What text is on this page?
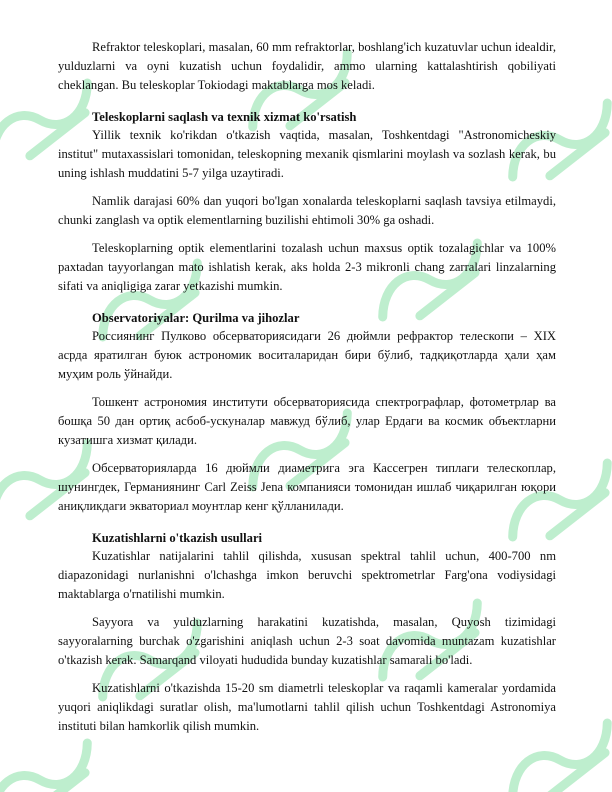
Refraktor teleskoplari, masalan, 60 mm refraktorlar, boshlang'ich kuzatuvlar uchun idealdir, yulduzlarni va oyni kuzatish uchun foydalidir, ammo ularning kattalashtirish qobiliyati cheklangan. Bu teleskoplar Tokiodagi maktablarga mos keladi.

Teleskoplarni saqlash va texnik xizmat ko'rsatish

Yillik texnik ko'rikdan o'tkazish vaqtida, masalan, Toshkentdagi "Astronomicheskiy institut" mutaxassislari tomonidan, teleskopning mexanik qismlarini moylash va sozlash kerak, bu uning ishlash muddatini 5-7 yilga uzaytiradi.

Namlik darajasi 60% dan yuqori bo'lgan xonalarda teleskoplarni saqlash tavsiya etilmaydi, chunki zanglash va optik elementlarning buzilishi ehtimoli 30% ga oshadi.

Teleskoplarning optik elementlarini tozalash uchun maxsus optik tozalagichlar va 100% paxtadan tayyorlangan mato ishlatish kerak, aks holda 2-3 mikronli chang zarralari linzalarning sifati va aniqligiga zarar yetkazishi mumkin.

Observatoriyalar: Qurilma va jihozlar

Россиянинг Пулково обсерваториясидаги 26 дюймли рефрактор телескопи – XIX асрда яратилган буюк астрономик воситаларидан бири бўлиб, тадқиқотларда ҳали ҳам муҳим роль ўйнайди.

Тошкент астрономия институти обсерваториясида спектрографлар, фотометрлар ва бошқа 50 дан ортиқ асбоб-ускуналар мавжуд бўлиб, улар Ердаги ва космик объектларни кузатишга хизмат қилади.

Обсерваторияларда 16 дюймли диаметрига эга Кассегрен типлаги телескоплар, шунингдек, Германиянинг Carl Zeiss Jena компанияси томонидан ишлаб чиқарилган юқори аниқликдаги экваториал моунтлар кенг қўлланилади.

Kuzatishlarni o'tkazish usullari

Kuzatishlar natijalarini tahlil qilishda, xususan spektral tahlil uchun, 400-700 nm diapazonidagi nurlanishni o'lchashga imkon beruvchi spektrometrlar Farg'ona vodiysidagi maktablarga o'rnatilishi mumkin.

Sayyora va yulduzlarning harakatini kuzatishda, masalan, Quyosh tizimidagi sayyoralarning burchak o'zgarishini aniqlash uchun 2-3 soat davomida muntazam kuzatishlar o'tkazish kerak. Samarqand viloyati hududida bunday kuzatishlar samarali bo'ladi.

Kuzatishlarni o'tkazishda 15-20 sm diametrli teleskoplar va raqamli kameralar yordamida yuqori aniqlikdagi suratlar olish, ma'lumotlarni tahlil qilish uchun Toshkentdagi Astronomiya instituti bilan hamkorlik qilish mumkin.
